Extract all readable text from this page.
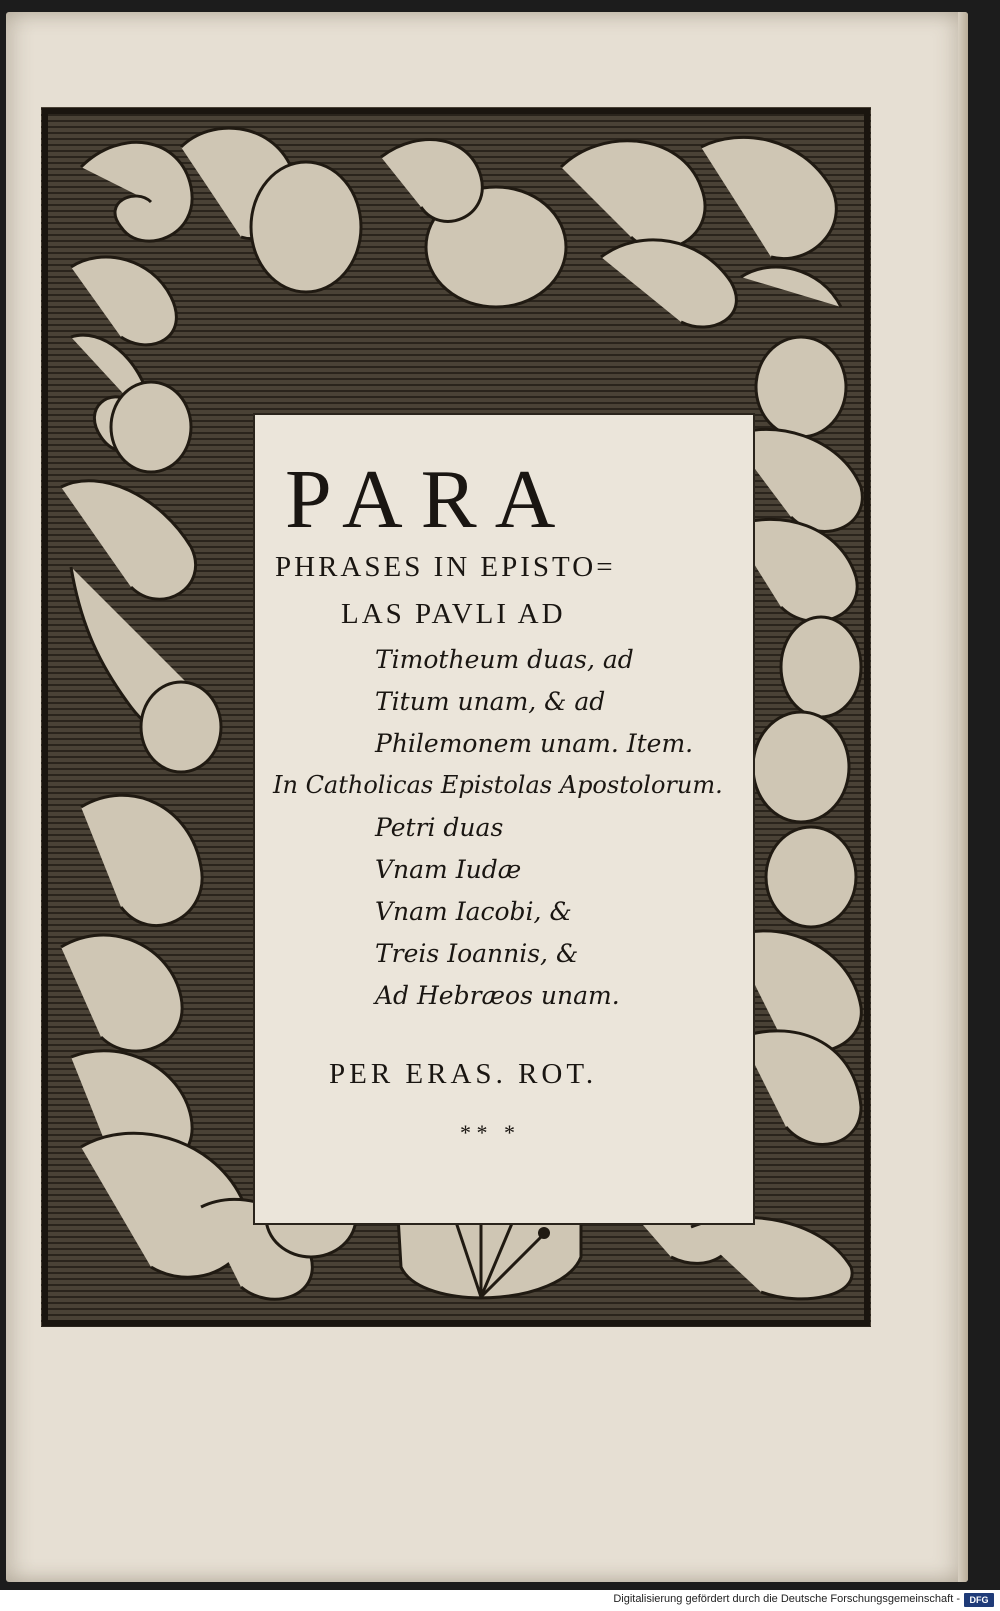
PARA
PHRASES IN EPISTO=
LAS PAVLI AD
Timotheum duas, ad
Titum unam, & ad
Philemonem unam. Item.
In Catholicas Epistolas Apostolorum.
Petri duas
Vnam Iudæ
Vnam Iacobi, &
Treis Ioannis, &
Ad Hebræos unam.
PER ERAS. ROT.
* *   *
Digitalisierung gefördert durch die Deutsche Forschungsgemeinschaft -	DFG
